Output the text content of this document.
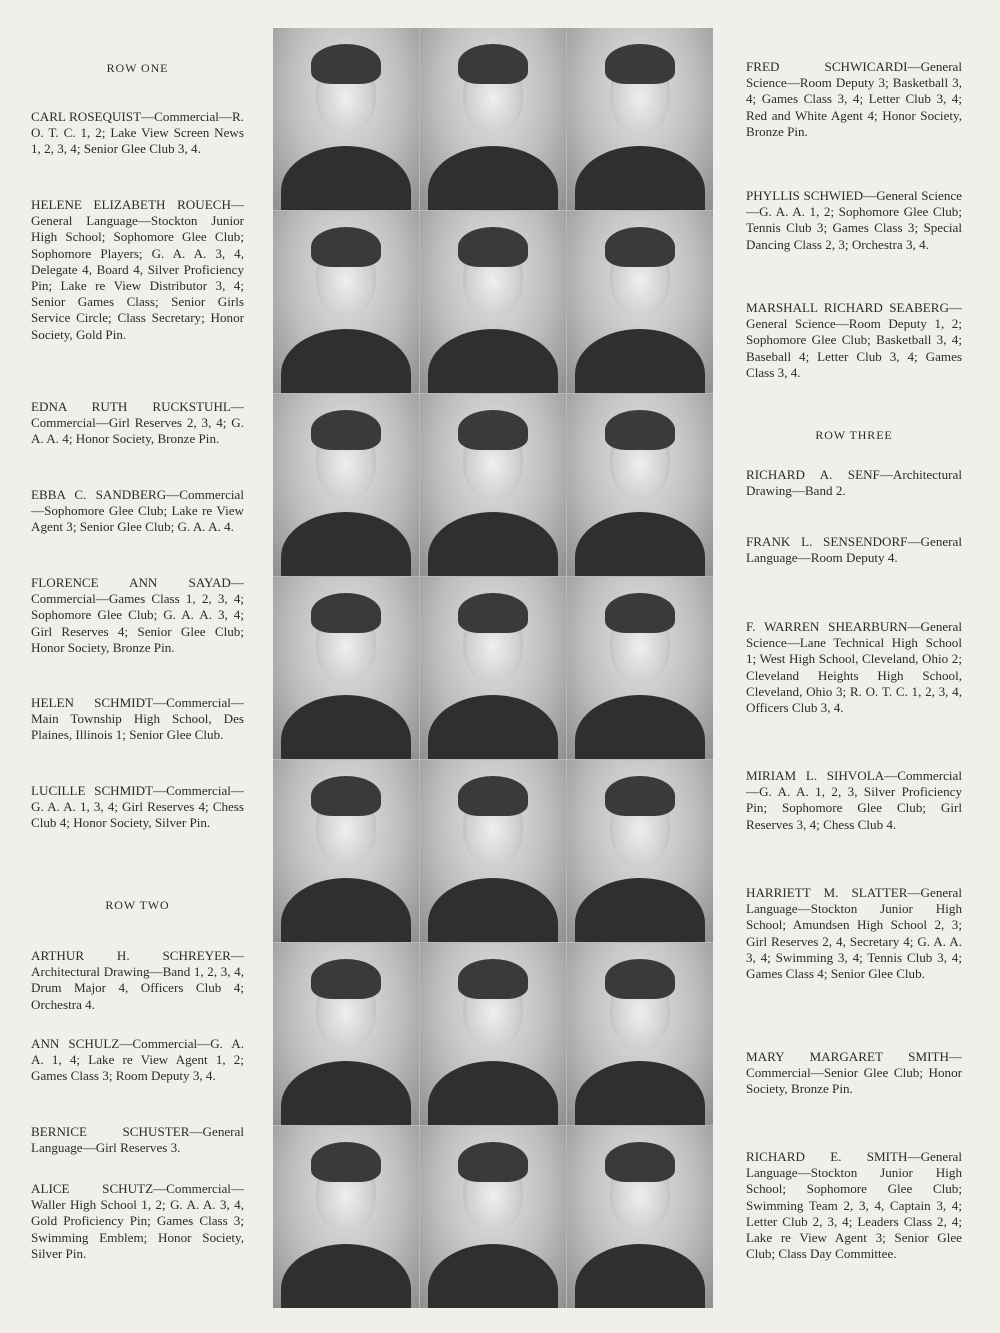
ROW ONE

CARL ROSEQUIST—Commercial—R. O. T. C. 1, 2; Lake View Screen News 1, 2, 3, 4; Senior Glee Club 3, 4.

HELENE ELIZABETH ROUECH—General Language—Stockton Junior High School; Sophomore Glee Club; Sophomore Players; G. A. A. 3, 4, Delegate 4, Board 4, Silver Proficiency Pin; Lake re View Distributor 3, 4; Senior Games Class; Senior Girls Service Circle; Class Secretary; Honor Society, Gold Pin.

EDNA RUTH RUCKSTUHL—Commercial—Girl Reserves 2, 3, 4; G. A. A. 4; Honor Society, Bronze Pin.

EBBA C. SANDBERG—Commercial—Sophomore Glee Club; Lake re View Agent 3; Senior Glee Club; G. A. A. 4.

FLORENCE ANN SAYAD—Commercial—Games Class 1, 2, 3, 4; Sophomore Glee Club; G. A. A. 3, 4; Girl Reserves 4; Senior Glee Club; Honor Society, Bronze Pin.

HELEN SCHMIDT—Commercial—Main Township High School, Des Plaines, Illinois 1; Senior Glee Club.

LUCILLE SCHMIDT—Commercial—G. A. A. 1, 3, 4; Girl Reserves 4; Chess Club 4; Honor Society, Silver Pin.

ROW TWO

ARTHUR H. SCHREYER—Architectural Drawing—Band 1, 2, 3, 4, Drum Major 4, Officers Club 4; Orchestra 4.

ANN SCHULZ—Commercial—G. A. A. 1, 4; Lake re View Agent 1, 2; Games Class 3; Room Deputy 3, 4.

BERNICE SCHUSTER—General Language—Girl Reserves 3.

ALICE SCHUTZ—Commercial—Waller High School 1, 2; G. A. A. 3, 4, Gold Proficiency Pin; Games Class 3; Swimming Emblem; Honor Society, Silver Pin.

FRED SCHWICARDI—General Science—Room Deputy 3; Basketball 3, 4; Games Class 3, 4; Letter Club 3, 4; Red and White Agent 4; Honor Society, Bronze Pin.

PHYLLIS SCHWIED—General Science—G. A. A. 1, 2; Sophomore Glee Club; Tennis Club 3; Games Class 3; Special Dancing Class 2, 3; Orchestra 3, 4.

MARSHALL RICHARD SEABERG—General Science—Room Deputy 1, 2; Sophomore Glee Club; Basketball 3, 4; Baseball 4; Letter Club 3, 4; Games Class 3, 4.

ROW THREE

RICHARD A. SENF—Architectural Drawing—Band 2.

FRANK L. SENSENDORF—General Language—Room Deputy 4.

F. WARREN SHEARBURN—General Science—Lane Technical High School 1; West High School, Cleveland, Ohio 2; Cleveland Heights High School, Cleveland, Ohio 3; R. O. T. C. 1, 2, 3, 4, Officers Club 3, 4.

MIRIAM L. SIHVOLA—Commercial—G. A. A. 1, 2, 3, Silver Proficiency Pin; Sophomore Glee Club; Girl Reserves 3, 4; Chess Club 4.

HARRIETT M. SLATTER—General Language—Stockton Junior High School; Amundsen High School 2, 3; Girl Reserves 2, 4, Secretary 4; G. A. A. 3, 4; Swimming 3, 4; Tennis Club 3, 4; Games Class 4; Senior Glee Club.

MARY MARGARET SMITH—Commercial—Senior Glee Club; Honor Society, Bronze Pin.

RICHARD E. SMITH—General Language—Stockton Junior High School; Sophomore Glee Club; Swimming Team 2, 3, 4, Captain 3, 4; Letter Club 2, 3, 4; Leaders Class 2, 4; Lake re View Agent 3; Senior Glee Club; Class Day Committee.
